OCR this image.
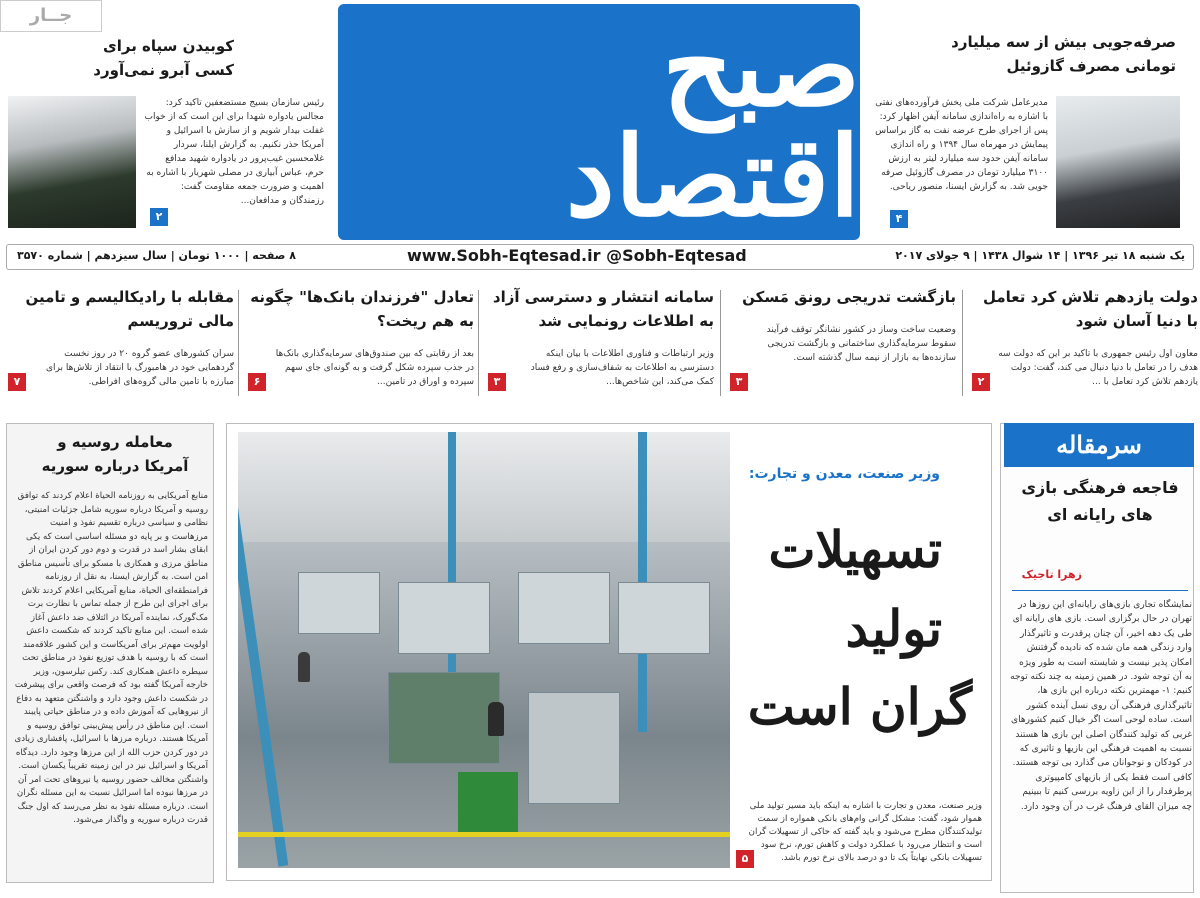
جــار	صبح اقتصاد
صرفه‌جویی بیش از سه میلیارد تومانی مصرف گازوئیل
مدیرعامل شرکت ملی پخش فرآورده‌های نفتی با اشاره به راه‌اندازی سامانه آیفن اظهار کرد: پس از اجرای طرح عرضه نفت به گاز براساس پیمایش در مهرماه سال ۱۳۹۴ و راه اندازی سامانه آیفن حدود سه میلیارد لیتر به ارزش ۳۱۰۰ میلیارد تومان در مصرف گازوئیل صرفه جویی شد. به گزارش ایسنا، منصور ریاحی.
۴
کوبیدن سپاه برای کسی آبرو نمی‌آورد
رئیس سازمان بسیج مستضعفین تاکید کرد: مجالس یادواره شهدا برای این است که از خواب غفلت بیدار شویم و از سازش با اسرائیل و آمریکا حذر نکنیم. به گزارش ایلنا، سردار غلامحسین غیب‌پرور در یادواره شهید مدافع حرم، عباس آبیاری در مصلی شهریار با اشاره به اهمیت و ضرورت جمعه مقاومت گفت: رزمندگان و مدافعان...
۲
یک شنبه ۱۸ تیر ۱۳۹۶ | ۱۴ شوال ۱۴۳۸ | ۹ جولای ۲۰۱۷
www.Sobh-Eqtesad.ir @Sobh-Eqtesad
۸ صفحه | ۱۰۰۰ تومان | سال سیزدهم | شماره ۳۵۷۰
دولت یازدهم تلاش کرد تعامل با دنیا آسان شود
معاون اول رئیس جمهوری با تاکید بر این که دولت سه هدف را در تعامل با دنیا دنبال می کند، گفت: دولت یازدهم تلاش کرد تعامل با ...
۲
بازگشت تدریجی رونق مَسکن
وضعیت ساخت وساز در کشور نشانگر توقف فرآیند سقوط سرمایه‌گذاری ساختمانی و بازگشت تدریجی سازنده‌ها به بازار از نیمه سال گذشته است.
۳
سامانه انتشار و دسترسی آزاد به اطلاعات رونمایی شد
وزیر ارتباطات و فناوری اطلاعات با بیان اینکه دسترسی به اطلاعات به شفاف‌سازی و رفع فساد کمک می‌کند، این شاخص‌ها...
۳
تعادل "فرزندان بانک‌ها" چگونه به هم ریخت؟
بعد از رقابتی که بین صندوق‌های سرمایه‌گذاری بانک‌ها در جذب سپرده شکل گرفت و به گونه‌ای جای سهم سپرده و اوراق در تامین...
۶
مقابله با رادیکالیسم و تامین مالی تروریسم
سران کشورهای عضو گروه ۲۰ در روز نخست گردهمایی خود در هامبورگ با انتقاد از تلاش‌ها برای مبارزه با تامین مالی گروه‌های افراطی.
۷
معامله روسیه و آمریکا درباره سوریه
منابع آمریکایی به روزنامه الحیاة اعلام کردند که توافق روسیه و آمریکا درباره سوریه شامل جزئیات امنیتی، نظامی و سیاسی درباره تقسیم نفوذ و امنیت مرزهاست و بر پایه دو مسئله اساسی است که یکی ابقای بشار اسد در قدرت و دوم دور کردن ایران از مناطق مرزی و همکاری با مسکو برای تأسیس مناطق امن است. به گزارش ایسنا، به نقل از روزنامه فرامنطقه‌ای الحیاة، منابع آمریکایی اعلام کردند تلاش برای اجرای این طرح از جمله تماس با نظارت برت مک‌گورک، نماینده آمریکا در ائتلاف ضد داعش آغاز شده است. این منابع تاکید کردند که شکست داعش اولویت مهم‌تر برای آمریکاست و این کشور علاقه‌مند است که با روسیه با هدف توزیع نفوذ در مناطق تحت سیطره داعش همکاری کند. رکس تیلرسون، وزیر خارجه آمریکا گفته بود که فرصت واقعی برای پیشرفت در شکست داعش وجود دارد و واشنگتن متعهد به دفاع از نیروهایی که آموزش داده و در مناطق حیاتی پایبند است. این مناطق در رأس پیش‌بینی توافق روسیه و آمریکا هستند. درباره مرزها با اسرائیل، پافشاری زیادی در دور کردن حزب الله از این مرزها وجود دارد. دیدگاه آمریکا و اسرائیل نیز در این زمینه تقریباً یکسان است. واشنگتن مخالف حضور روسیه یا نیروهای تحت امر آن در مرزها نبوده اما اسرائیل نسبت به این مسئله نگران است. درباره مسئله نفوذ به نظر می‌رسد که اول جنگ قدرت درباره سوریه و واگذار می‌شود.
وزیر صنعت، معدن و تجارت:
تسهیلات
تولید
گران است
وزیر صنعت، معدن و تجارت با اشاره به اینکه باید مسیر تولید ملی هموار شود، گفت: مشکل گرانی وام‌های بانکی همواره از سمت تولیدکنندگان مطرح می‌شود و باید گفته که حاکی از تسهیلات گران است و انتظار می‌رود با عملکرد دولت و کاهش تورم، نرخ سود تسهیلات بانکی نهایتاً یک تا دو درصد بالای نرخ تورم باشد.
۵
سرمقاله
فاجعه فرهنگی بازی های رایانه ای
زهرا تاجیک
نمایشگاه تجاری بازی‌های رایانه‌ای این روزها در تهران در حال برگزاری است. بازی های رایانه ای طی یک دهه اخیر، آن چنان پرقدرت و تاثیرگذار وارد زندگی همه مان شده که نادیده گرفتنش امکان پذیر نیست و شایسته است به طور ویژه به آن توجه شود. در همین زمینه به چند نکته توجه کنیم: ۱- مهمترین نکته درباره این بازی ها، تاثیرگذاری فرهنگی آن روی نسل آینده کشور است. ساده لوحی است اگر خیال کنیم کشورهای غربی که تولید کنندگان اصلی این بازی ها هستند نسبت به اهمیت فرهنگی این بازیها و تاثیری که در کودکان و نوجوانان می گذارد بی توجه هستند. کافی است فقط یکی از بازیهای کامپیوتری پرطرفدار را از این زاویه بررسی کنیم تا ببینیم چه میزان القای فرهنگ غرب در آن وجود دارد.
